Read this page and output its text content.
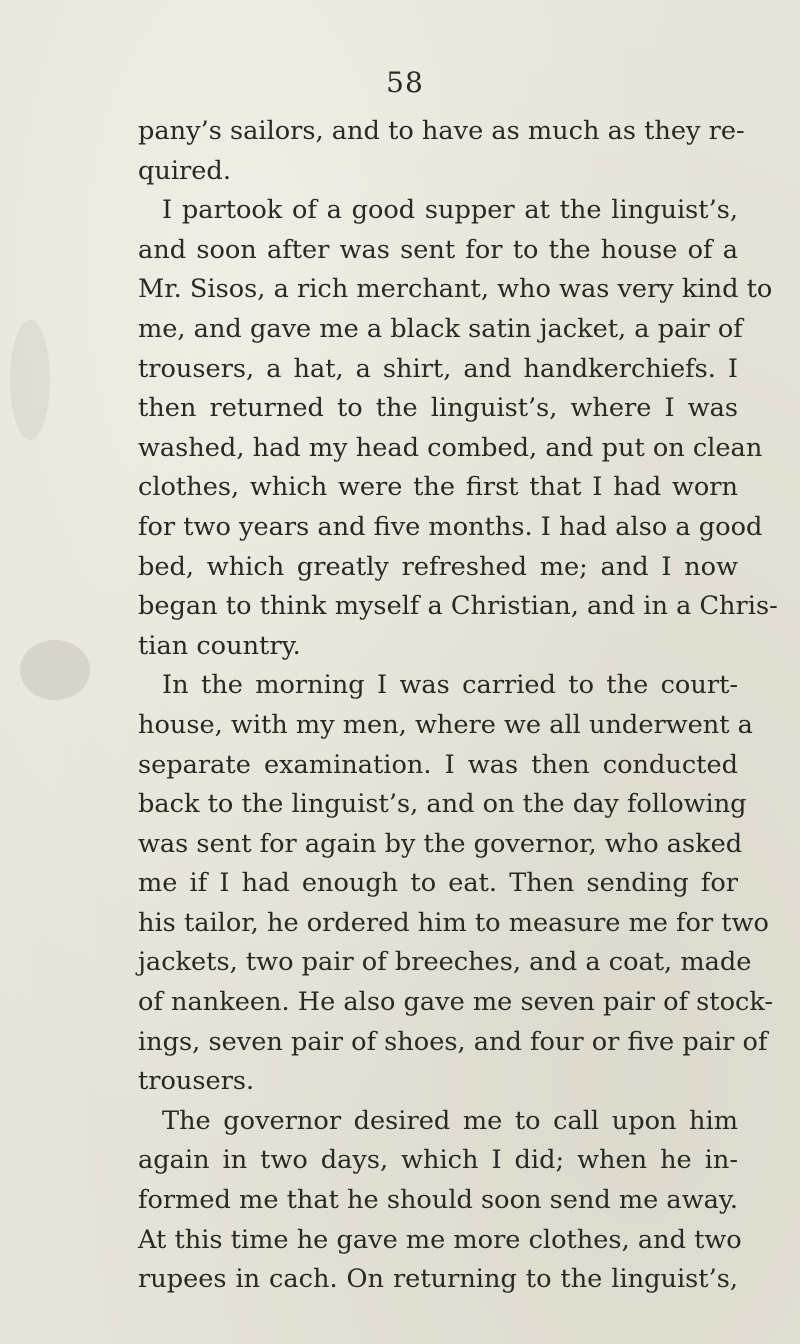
58
pany’s sailors, and to have as much as they re-
quired.
I partook of a good supper at the linguist’s,
and soon after was sent for to the house of a
Mr. Sisos, a rich merchant, who was very kind to
me, and gave me a black satin jacket, a pair of
trousers, a hat, a shirt, and handkerchiefs. I
then returned to the linguist’s, where I was
washed, had my head combed, and put on clean
clothes, which were the first that I had worn
for two years and five months. I had also a good
bed, which greatly refreshed me; and I now
began to think myself a Christian, and in a Chris-
tian country.
In the morning I was carried to the court-
house, with my men, where we all underwent a
separate examination. I was then conducted
back to the linguist’s, and on the day following
was sent for again by the governor, who asked
me if I had enough to eat. Then sending for
his tailor, he ordered him to measure me for two
jackets, two pair of breeches, and a coat, made
of nankeen. He also gave me seven pair of stock-
ings, seven pair of shoes, and four or five pair of
trousers.
The governor desired me to call upon him
again in two days, which I did; when he in-
formed me that he should soon send me away.
At this time he gave me more clothes, and two
rupees in cach. On returning to the linguist’s,
